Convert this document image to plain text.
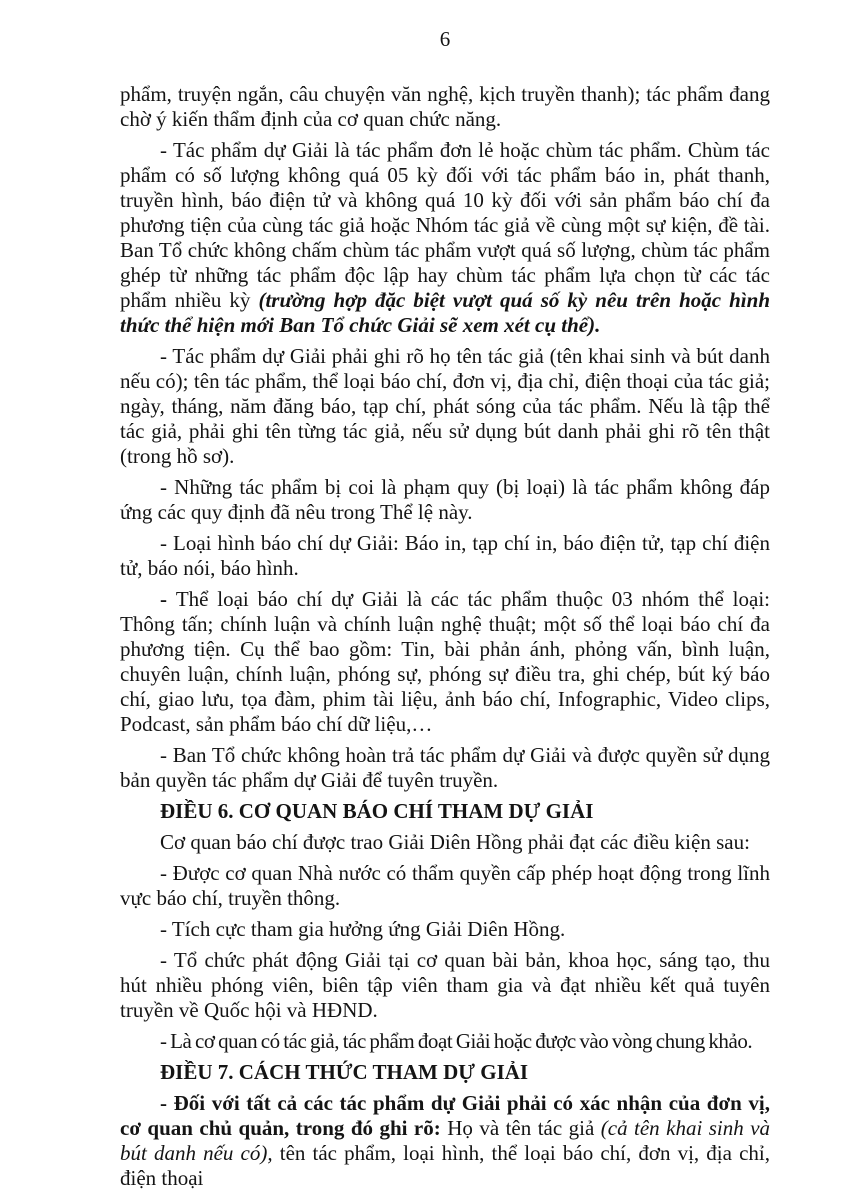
6

phẩm, truyện ngắn, câu chuyện văn nghệ, kịch truyền thanh); tác phẩm đang chờ ý kiến thẩm định của cơ quan chức năng.

- Tác phẩm dự Giải là tác phẩm đơn lẻ hoặc chùm tác phẩm. Chùm tác phẩm có số lượng không quá 05 kỳ đối với tác phẩm báo in, phát thanh, truyền hình, báo điện tử và không quá 10 kỳ đối với sản phẩm báo chí đa phương tiện của cùng tác giả hoặc Nhóm tác giả về cùng một sự kiện, đề tài. Ban Tổ chức không chấm chùm tác phẩm vượt quá số lượng, chùm tác phẩm ghép từ những tác phẩm độc lập hay chùm tác phẩm lựa chọn từ các tác phẩm nhiều kỳ (trường hợp đặc biệt vượt quá số kỳ nêu trên hoặc hình thức thể hiện mới Ban Tổ chức Giải sẽ xem xét cụ thể).

- Tác phẩm dự Giải phải ghi rõ họ tên tác giả (tên khai sinh và bút danh nếu có); tên tác phẩm, thể loại báo chí, đơn vị, địa chỉ, điện thoại của tác giả; ngày, tháng, năm đăng báo, tạp chí, phát sóng của tác phẩm. Nếu là tập thể tác giả, phải ghi tên từng tác giả, nếu sử dụng bút danh phải ghi rõ tên thật (trong hồ sơ).

- Những tác phẩm bị coi là phạm quy (bị loại) là tác phẩm không đáp ứng các quy định đã nêu trong Thể lệ này.

- Loại hình báo chí dự Giải: Báo in, tạp chí in, báo điện tử, tạp chí điện tử, báo nói, báo hình.

- Thể loại báo chí dự Giải là các tác phẩm thuộc 03 nhóm thể loại: Thông tấn; chính luận và chính luận nghệ thuật; một số thể loại báo chí đa phương tiện. Cụ thể bao gồm: Tin, bài phản ánh, phỏng vấn, bình luận, chuyên luận, chính luận, phóng sự, phóng sự điều tra, ghi chép, bút ký báo chí, giao lưu, tọa đàm, phim tài liệu, ảnh báo chí, Infographic, Video clips, Podcast, sản phẩm báo chí dữ liệu,…

- Ban Tổ chức không hoàn trả tác phẩm dự Giải và được quyền sử dụng bản quyền tác phẩm dự Giải để tuyên truyền.

ĐIỀU 6. CƠ QUAN BÁO CHÍ THAM DỰ GIẢI

Cơ quan báo chí được trao Giải Diên Hồng phải đạt các điều kiện sau:

- Được cơ quan Nhà nước có thẩm quyền cấp phép hoạt động trong lĩnh vực báo chí, truyền thông.

- Tích cực tham gia hưởng ứng Giải Diên Hồng.

- Tổ chức phát động Giải tại cơ quan bài bản, khoa học, sáng tạo, thu hút nhiều phóng viên, biên tập viên tham gia và đạt nhiều kết quả tuyên truyền về Quốc hội và HĐND.

- Là cơ quan có tác giả, tác phẩm đoạt Giải hoặc được vào vòng chung khảo.

ĐIỀU 7. CÁCH THỨC THAM DỰ GIẢI

- Đối với tất cả các tác phẩm dự Giải phải có xác nhận của đơn vị, cơ quan chủ quản, trong đó ghi rõ: Họ và tên tác giả (cả tên khai sinh và bút danh nếu có), tên tác phẩm, loại hình, thể loại báo chí, đơn vị, địa chỉ, điện thoại
